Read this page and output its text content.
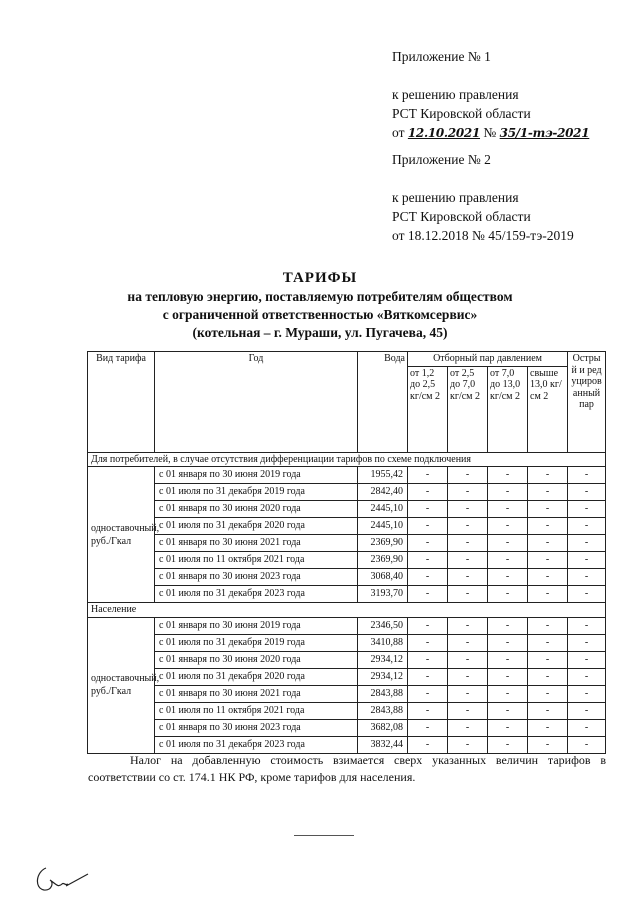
Приложение № 1
к решению правления
РСТ Кировской области
от 12.10.2021 № 35/1-тэ-2021
Приложение № 2
к решению правления
РСТ Кировской области
от 18.12.2018 № 45/159-тэ-2019
ТАРИФЫ
на тепловую энергию, поставляемую потребителям обществом
с ограниченной ответственностью «Вяткомсервис»
(котельная – г. Мураши, ул. Пугачева, 45)
Вид тарифа	Год	Вода	Отборный пар давлением				Острый и редуцированный пар
			от 1,2 до 2,5 кг/см 2	от 2,5 до 7,0 кг/см 2	от 7,0 до 13,0 кг/см 2	свыше 13,0 кг/см 2	
Для потребителей, в случае отсутствия дифференциации тарифов по схеме подключения							
одноставочный, руб./Гкал	с 01 января по 30 июня 2019 года	1955,42	-	-	-	-	-
	с 01 июля по 31 декабря 2019 года	2842,40	-	-	-	-	-
	с 01 января по 30 июня 2020 года	2445,10	-	-	-	-	-
	с 01 июля по 31 декабря 2020 года	2445,10	-	-	-	-	-
	с 01 января по 30 июня 2021 года	2369,90	-	-	-	-	-
	с 01 июля по 11 октября 2021 года	2369,90	-	-	-	-	-
	с 01 января по 30 июня 2023 года	3068,40	-	-	-	-	-
	с 01 июля по 31 декабря 2023 года	3193,70	-	-	-	-	-
Население							
одноставочный, руб./Гкал	с 01 января по 30 июня 2019 года	2346,50	-	-	-	-	-
	с 01 июля по 31 декабря 2019 года	3410,88	-	-	-	-	-
	с 01 января по 30 июня 2020 года	2934,12	-	-	-	-	-
	с 01 июля по 31 декабря 2020 года	2934,12	-	-	-	-	-
	с 01 января по 30 июня 2021 года	2843,88	-	-	-	-	-
	с 01 июля по 11 октября 2021 года	2843,88	-	-	-	-	-
	с 01 января по 30 июня 2023 года	3682,08	-	-	-	-	-
	с 01 июля по 31 декабря 2023 года	3832,44	-	-	-	-	-
Налог на добавленную стоимость взимается сверх указанных величин тарифов в соответствии со ст. 174.1 НК РФ, кроме тарифов для населения.
